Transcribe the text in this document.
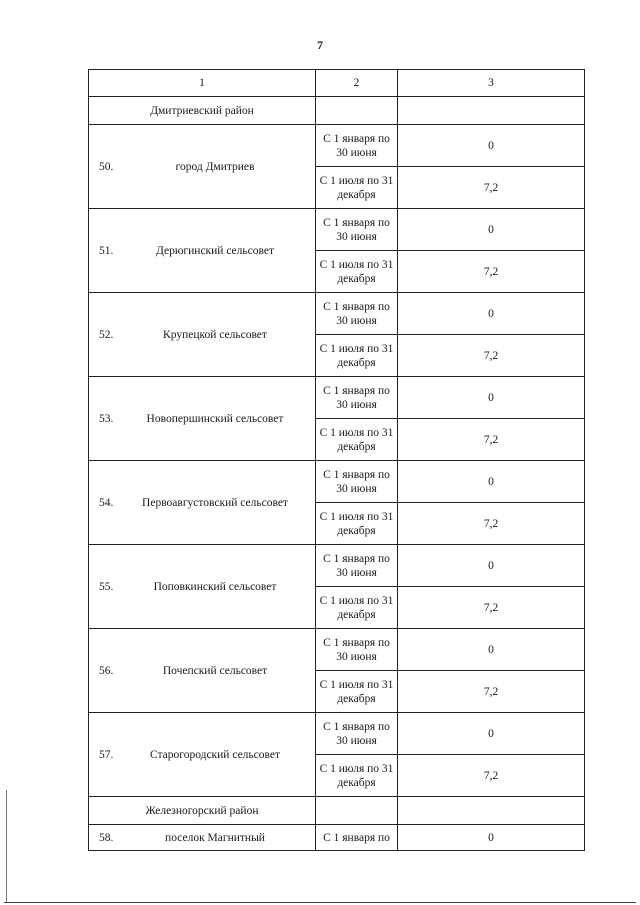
7
1	2	3
Дмитриевский район		

50. город Дмитриев	С 1 января по 30 июня	0
	С 1 июля по 31 декабря	7,2

51. Дерюгинский сельсовет	С 1 января по 30 июня	0
	С 1 июля по 31 декабря	7,2

52. Крупецкой сельсовет	С 1 января по 30 июня	0
	С 1 июля по 31 декабря	7,2

53. Новопершинский сельсовет	С 1 января по 30 июня	0
	С 1 июля по 31 декабря	7,2

54. Первоавгустовский сельсовет	С 1 января по 30 июня	0
	С 1 июля по 31 декабря	7,2

55. Поповкинский сельсовет	С 1 января по 30 июня	0
	С 1 июля по 31 декабря	7,2

56. Почепский сельсовет	С 1 января по 30 июня	0
	С 1 июля по 31 декабря	7,2

57. Старогородский сельсовет	С 1 января по 30 июня	0
	С 1 июля по 31 декабря	7,2
Железногорский район		

58. поселок Магнитный	С 1 января по	0
